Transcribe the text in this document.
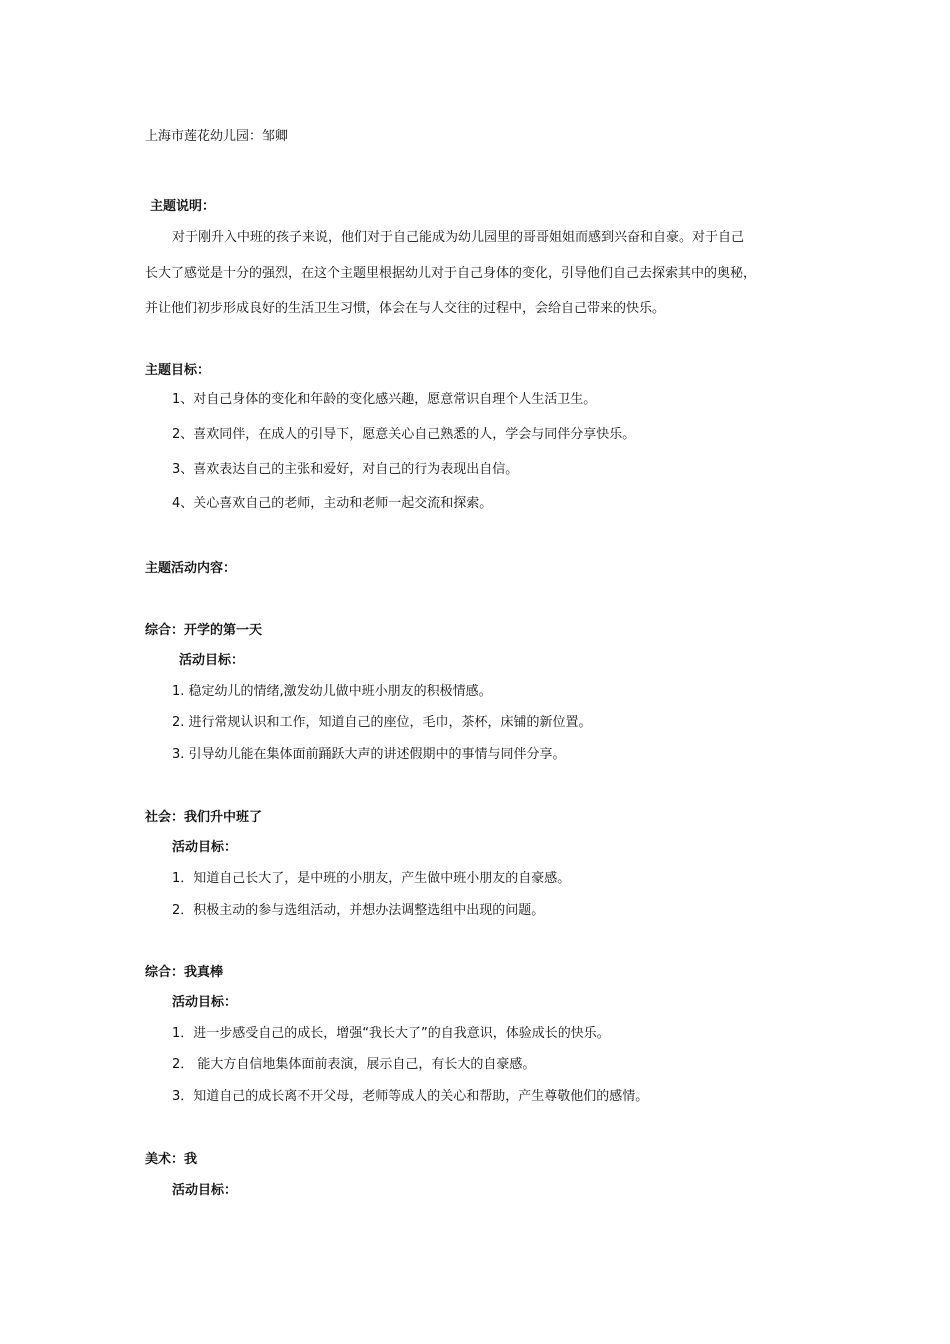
上海市莲花幼儿园：邹卿
主题说明：
对于刚升入中班的孩子来说，他们对于自己能成为幼儿园里的哥哥姐姐而感到兴奋和自豪。对于自己
长大了感觉是十分的强烈，在这个主题里根据幼儿对于自己身体的变化，引导他们自己去探索其中的奥秘，
并让他们初步形成良好的生活卫生习惯，体会在与人交往的过程中，会给自己带来的快乐。
主题目标：
1、对自己身体的变化和年龄的变化感兴趣，愿意常识自理个人生活卫生。
2、喜欢同伴，在成人的引导下，愿意关心自己熟悉的人，学会与同伴分享快乐。
3、喜欢表达自己的主张和爱好，对自己的行为表现出自信。
4、关心喜欢自己的老师，主动和老师一起交流和探索。
主题活动内容：
综合：开学的第一天
活动目标：
1. 稳定幼儿的情绪,激发幼儿做中班小朋友的积极情感。
2. 进行常规认识和工作，知道自己的座位，毛巾，茶杯，床铺的新位置。
3. 引导幼儿能在集体面前踊跃大声的讲述假期中的事情与同伴分享。
社会：我们升中班了
活动目标：
1．知道自己长大了，是中班的小朋友，产生做中班小朋友的自豪感。
2．积极主动的参与选组活动，并想办法调整选组中出现的问题。
综合：我真棒
活动目标：
1．进一步感受自己的成长，增强“我长大了”的自我意识，体验成长的快乐。
2． 能大方自信地集体面前表演，展示自己，有长大的自豪感。
3．知道自己的成长离不开父母，老师等成人的关心和帮助，产生尊敬他们的感情。
美术：我
活动目标：
